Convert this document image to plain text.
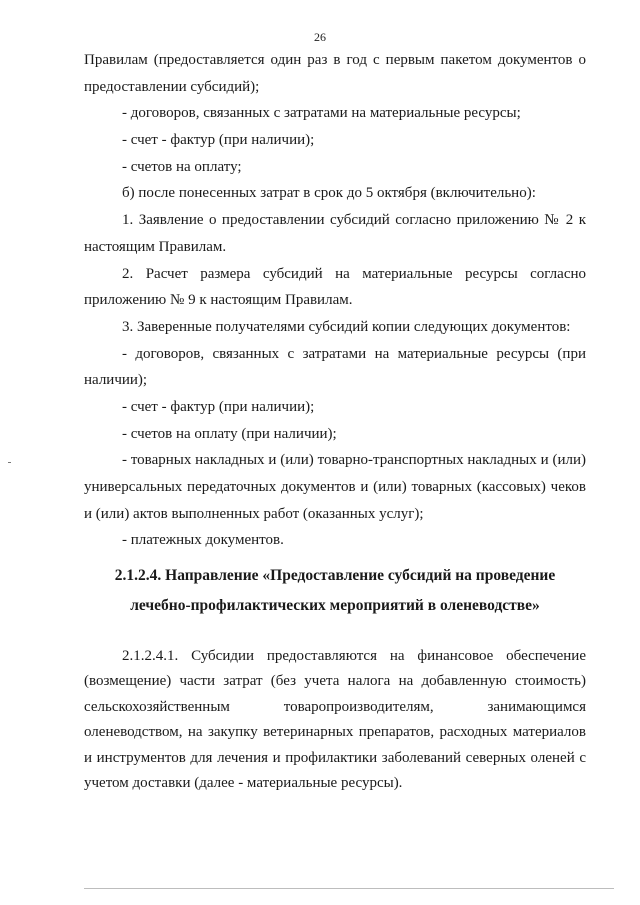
26
Правилам (предоставляется один раз в год с первым пакетом документов о
предоставлении субсидий);
- договоров, связанных с затратами на материальные ресурсы;
- счет - фактур (при наличии);
- счетов на оплату;
б) после понесенных затрат в срок до 5 октября (включительно):
1. Заявление о предоставлении субсидий согласно приложению № 2 к
настоящим Правилам.
2. Расчет размера субсидий на материальные ресурсы согласно
приложению № 9 к настоящим Правилам.
3. Заверенные получателями субсидий копии следующих документов:
- договоров, связанных с затратами на материальные ресурсы (при
наличии);
- счет - фактур (при наличии);
- счетов на оплату (при наличии);
- товарных накладных и (или) товарно-транспортных накладных и (или)
универсальных передаточных документов и (или) товарных (кассовых) чеков
и (или) актов выполненных работ (оказанных услуг);
- платежных документов.
2.1.2.4. Направление «Предоставление субсидий на проведение
лечебно-профилактических мероприятий в оленеводстве»
2.1.2.4.1. Субсидии предоставляются на финансовое обеспечение
(возмещение) части затрат (без учета налога на добавленную стоимость)
сельскохозяйственным товаропроизводителям, занимающимся
оленеводством, на закупку ветеринарных препаратов, расходных материалов
и инструментов для лечения и профилактики заболеваний северных оленей с
учетом доставки (далее - материальные ресурсы).
